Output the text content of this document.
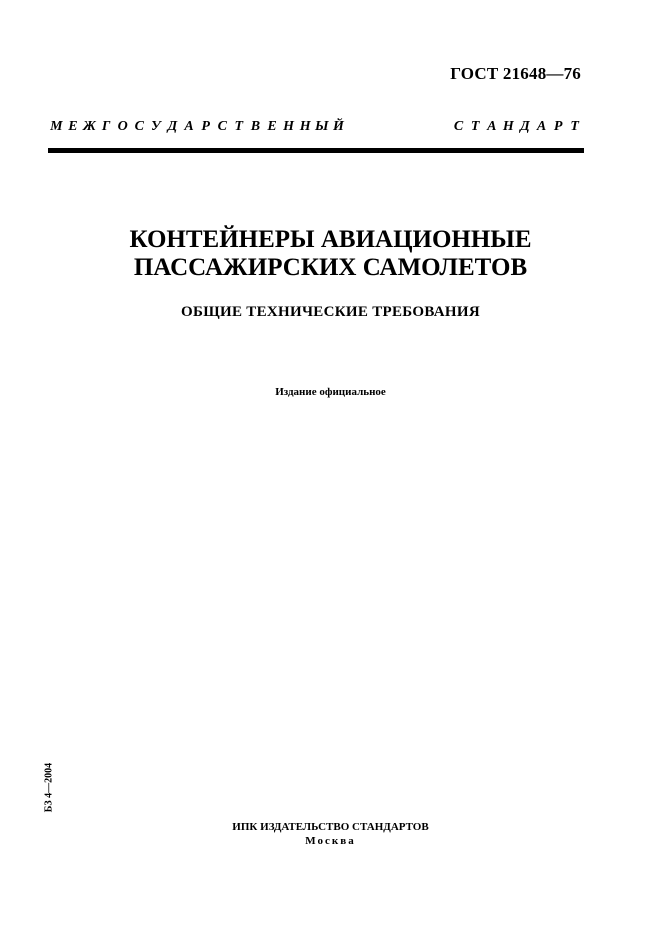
ГОСТ 21648—76
М Е Ж Г О С У Д А Р С Т В Е Н Н Ы Й	С Т А Н Д А Р Т
КОНТЕЙНЕРЫ АВИАЦИОННЫЕ
ПАССАЖИРСКИХ САМОЛЕТОВ
ОБЩИЕ ТЕХНИЧЕСКИЕ ТРЕБОВАНИЯ
Издание официальное
БЗ 4—2004
ИПК ИЗДАТЕЛЬСТВО СТАНДАРТОВ
Москва
